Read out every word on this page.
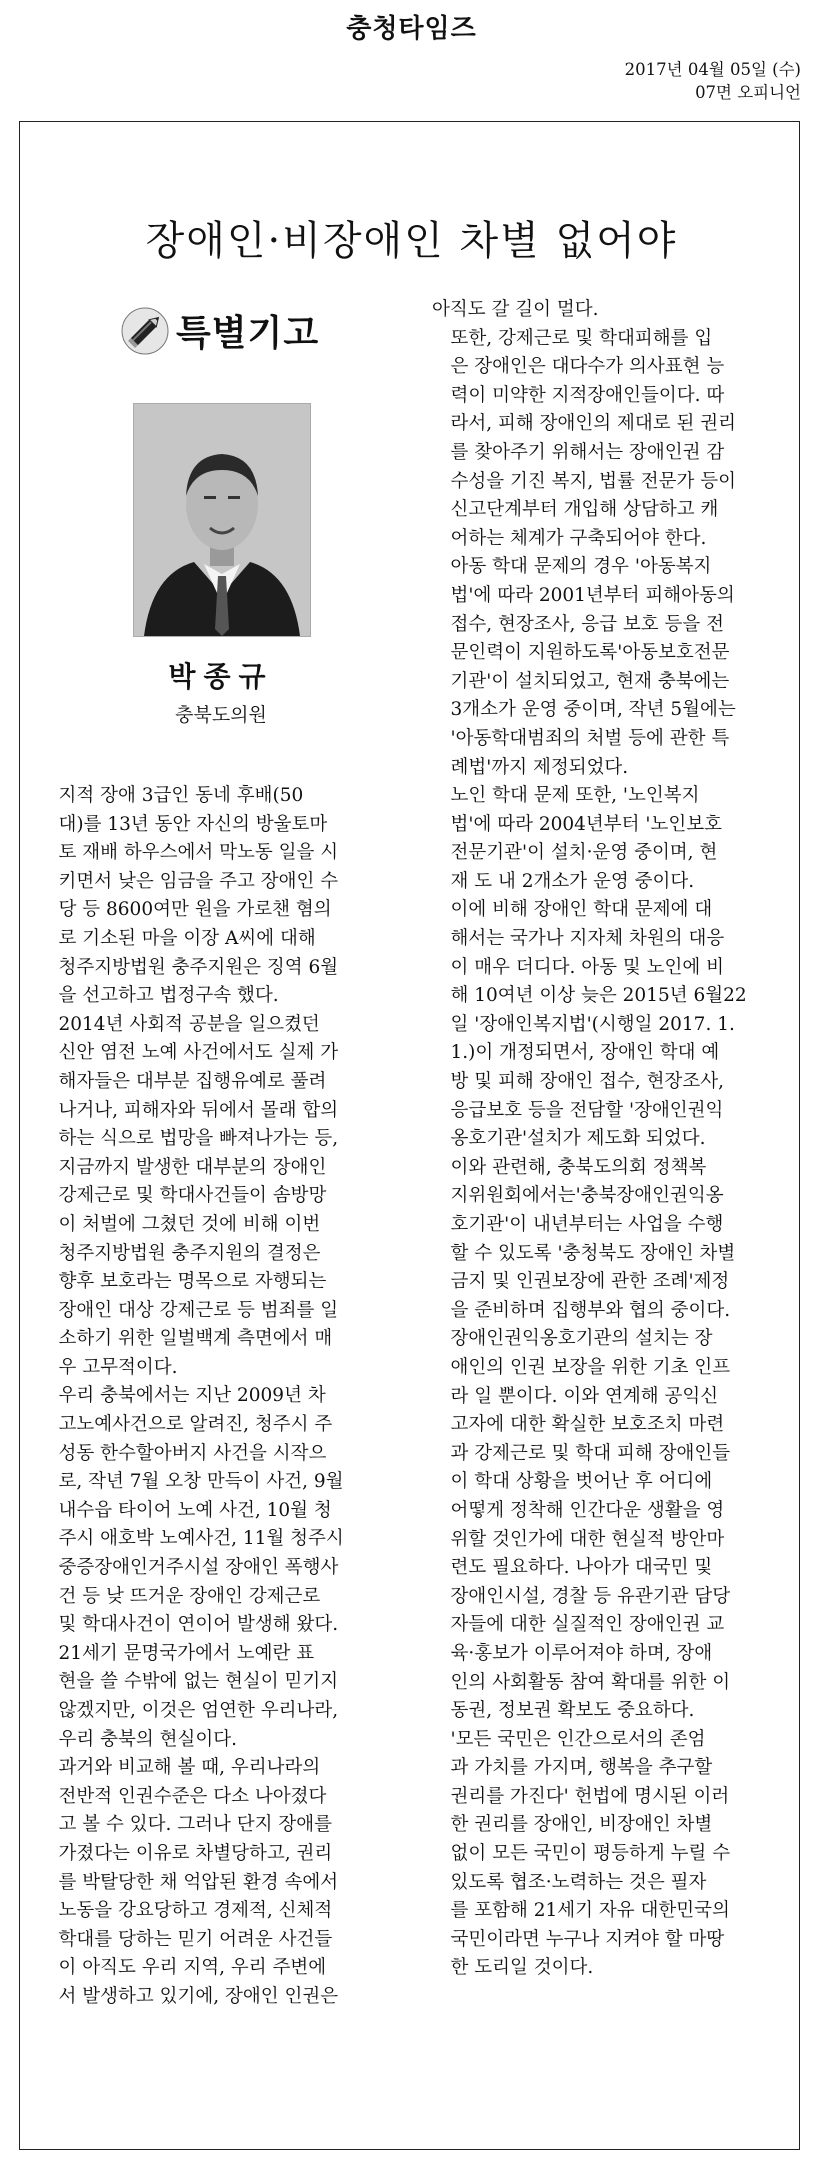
충청타임즈
2017년 04월 05일 (수)
07면 오피니언
장애인·비장애인 차별 없어야
특별기고
박종규
충북도의원

지적 장애 3급인 동네 후배(50
대)를 13년 동안 자신의 방울토마
토 재배 하우스에서 막노동 일을 시
키면서 낮은 임금을 주고 장애인 수
당 등 8600여만 원을 가로챈 혐의
로 기소된 마을 이장 A씨에 대해
청주지방법원 충주지원은 징역 6월
을 선고하고 법정구속 했다.

2014년 사회적 공분을 일으켰던
신안 염전 노예 사건에서도 실제 가
해자들은 대부분 집행유예로 풀려
나거나, 피해자와 뒤에서 몰래 합의
하는 식으로 법망을 빠져나가는 등,
지금까지 발생한 대부분의 장애인
강제근로 및 학대사건들이 솜방망
이 처벌에 그쳤던 것에 비해 이번
청주지방법원 충주지원의 결정은
향후 보호라는 명목으로 자행되는
장애인 대상 강제근로 등 범죄를 일
소하기 위한 일벌백계 측면에서 매
우 고무적이다.

우리 충북에서는 지난 2009년 차
고노예사건으로 알려진, 청주시 주
성동 한수할아버지 사건을 시작으
로, 작년 7월 오창 만득이 사건, 9월
내수읍 타이어 노예 사건, 10월 청
주시 애호박 노예사건, 11월 청주시
중증장애인거주시설 장애인 폭행사
건 등 낮 뜨거운 장애인 강제근로
및 학대사건이 연이어 발생해 왔다.

21세기 문명국가에서 노예란 표
현을 쓸 수밖에 없는 현실이 믿기지
않겠지만, 이것은 엄연한 우리나라,
우리 충북의 현실이다.

과거와 비교해 볼 때, 우리나라의
전반적 인권수준은 다소 나아졌다
고 볼 수 있다. 그러나 단지 장애를
가졌다는 이유로 차별당하고, 권리
를 박탈당한 채 억압된 환경 속에서
노동을 강요당하고 경제적, 신체적
학대를 당하는 믿기 어려운 사건들
이 아직도 우리 지역, 우리 주변에
서 발생하고 있기에, 장애인 인권은

아직도 갈 길이 멀다.

또한, 강제근로 및 학대피해를 입
은 장애인은 대다수가 의사표현 능
력이 미약한 지적장애인들이다. 따
라서, 피해 장애인의 제대로 된 권리
를 찾아주기 위해서는 장애인권 감
수성을 기진 복지, 법률 전문가 등이
신고단계부터 개입해 상담하고 캐
어하는 체계가 구축되어야 한다.

아동 학대 문제의 경우 '아동복지
법'에 따라 2001년부터 피해아동의
접수, 현장조사, 응급 보호 등을 전
문인력이 지원하도록'아동보호전문
기관'이 설치되었고, 현재 충북에는
3개소가 운영 중이며, 작년 5월에는
'아동학대범죄의 처벌 등에 관한 특
례법'까지 제정되었다.

노인 학대 문제 또한, '노인복지
법'에 따라 2004년부터 '노인보호
전문기관'이 설치·운영 중이며, 현
재 도 내 2개소가 운영 중이다.

이에 비해 장애인 학대 문제에 대
해서는 국가나 지자체 차원의 대응
이 매우 더디다. 아동 및 노인에 비
해 10여년 이상 늦은 2015년 6월22
일 '장애인복지법'(시행일 2017. 1.
1.)이 개정되면서, 장애인 학대 예
방 및 피해 장애인 접수, 현장조사,
응급보호 등을 전담할 '장애인권익
옹호기관'설치가 제도화 되었다.

이와 관련해, 충북도의회 정책복
지위원회에서는'충북장애인권익옹
호기관'이 내년부터는 사업을 수행
할 수 있도록 '충청북도 장애인 차별
금지 및 인권보장에 관한 조례'제정
을 준비하며 집행부와 협의 중이다.

장애인권익옹호기관의 설치는 장
애인의 인권 보장을 위한 기초 인프
라 일 뿐이다. 이와 연계해 공익신
고자에 대한 확실한 보호조치 마련
과 강제근로 및 학대 피해 장애인들
이 학대 상황을 벗어난 후 어디에
어떻게 정착해 인간다운 생활을 영
위할 것인가에 대한 현실적 방안마
련도 필요하다. 나아가 대국민 및
장애인시설, 경찰 등 유관기관 담당
자들에 대한 실질적인 장애인권 교
육·홍보가 이루어져야 하며, 장애
인의 사회활동 참여 확대를 위한 이
동권, 정보권 확보도 중요하다.

'모든 국민은 인간으로서의 존엄
과 가치를 가지며, 행복을 추구할
권리를 가진다' 헌법에 명시된 이러
한 권리를 장애인, 비장애인 차별
없이 모든 국민이 평등하게 누릴 수
있도록 협조·노력하는 것은 필자
를 포함해 21세기 자유 대한민국의
국민이라면 누구나 지켜야 할 마땅
한 도리일 것이다.
